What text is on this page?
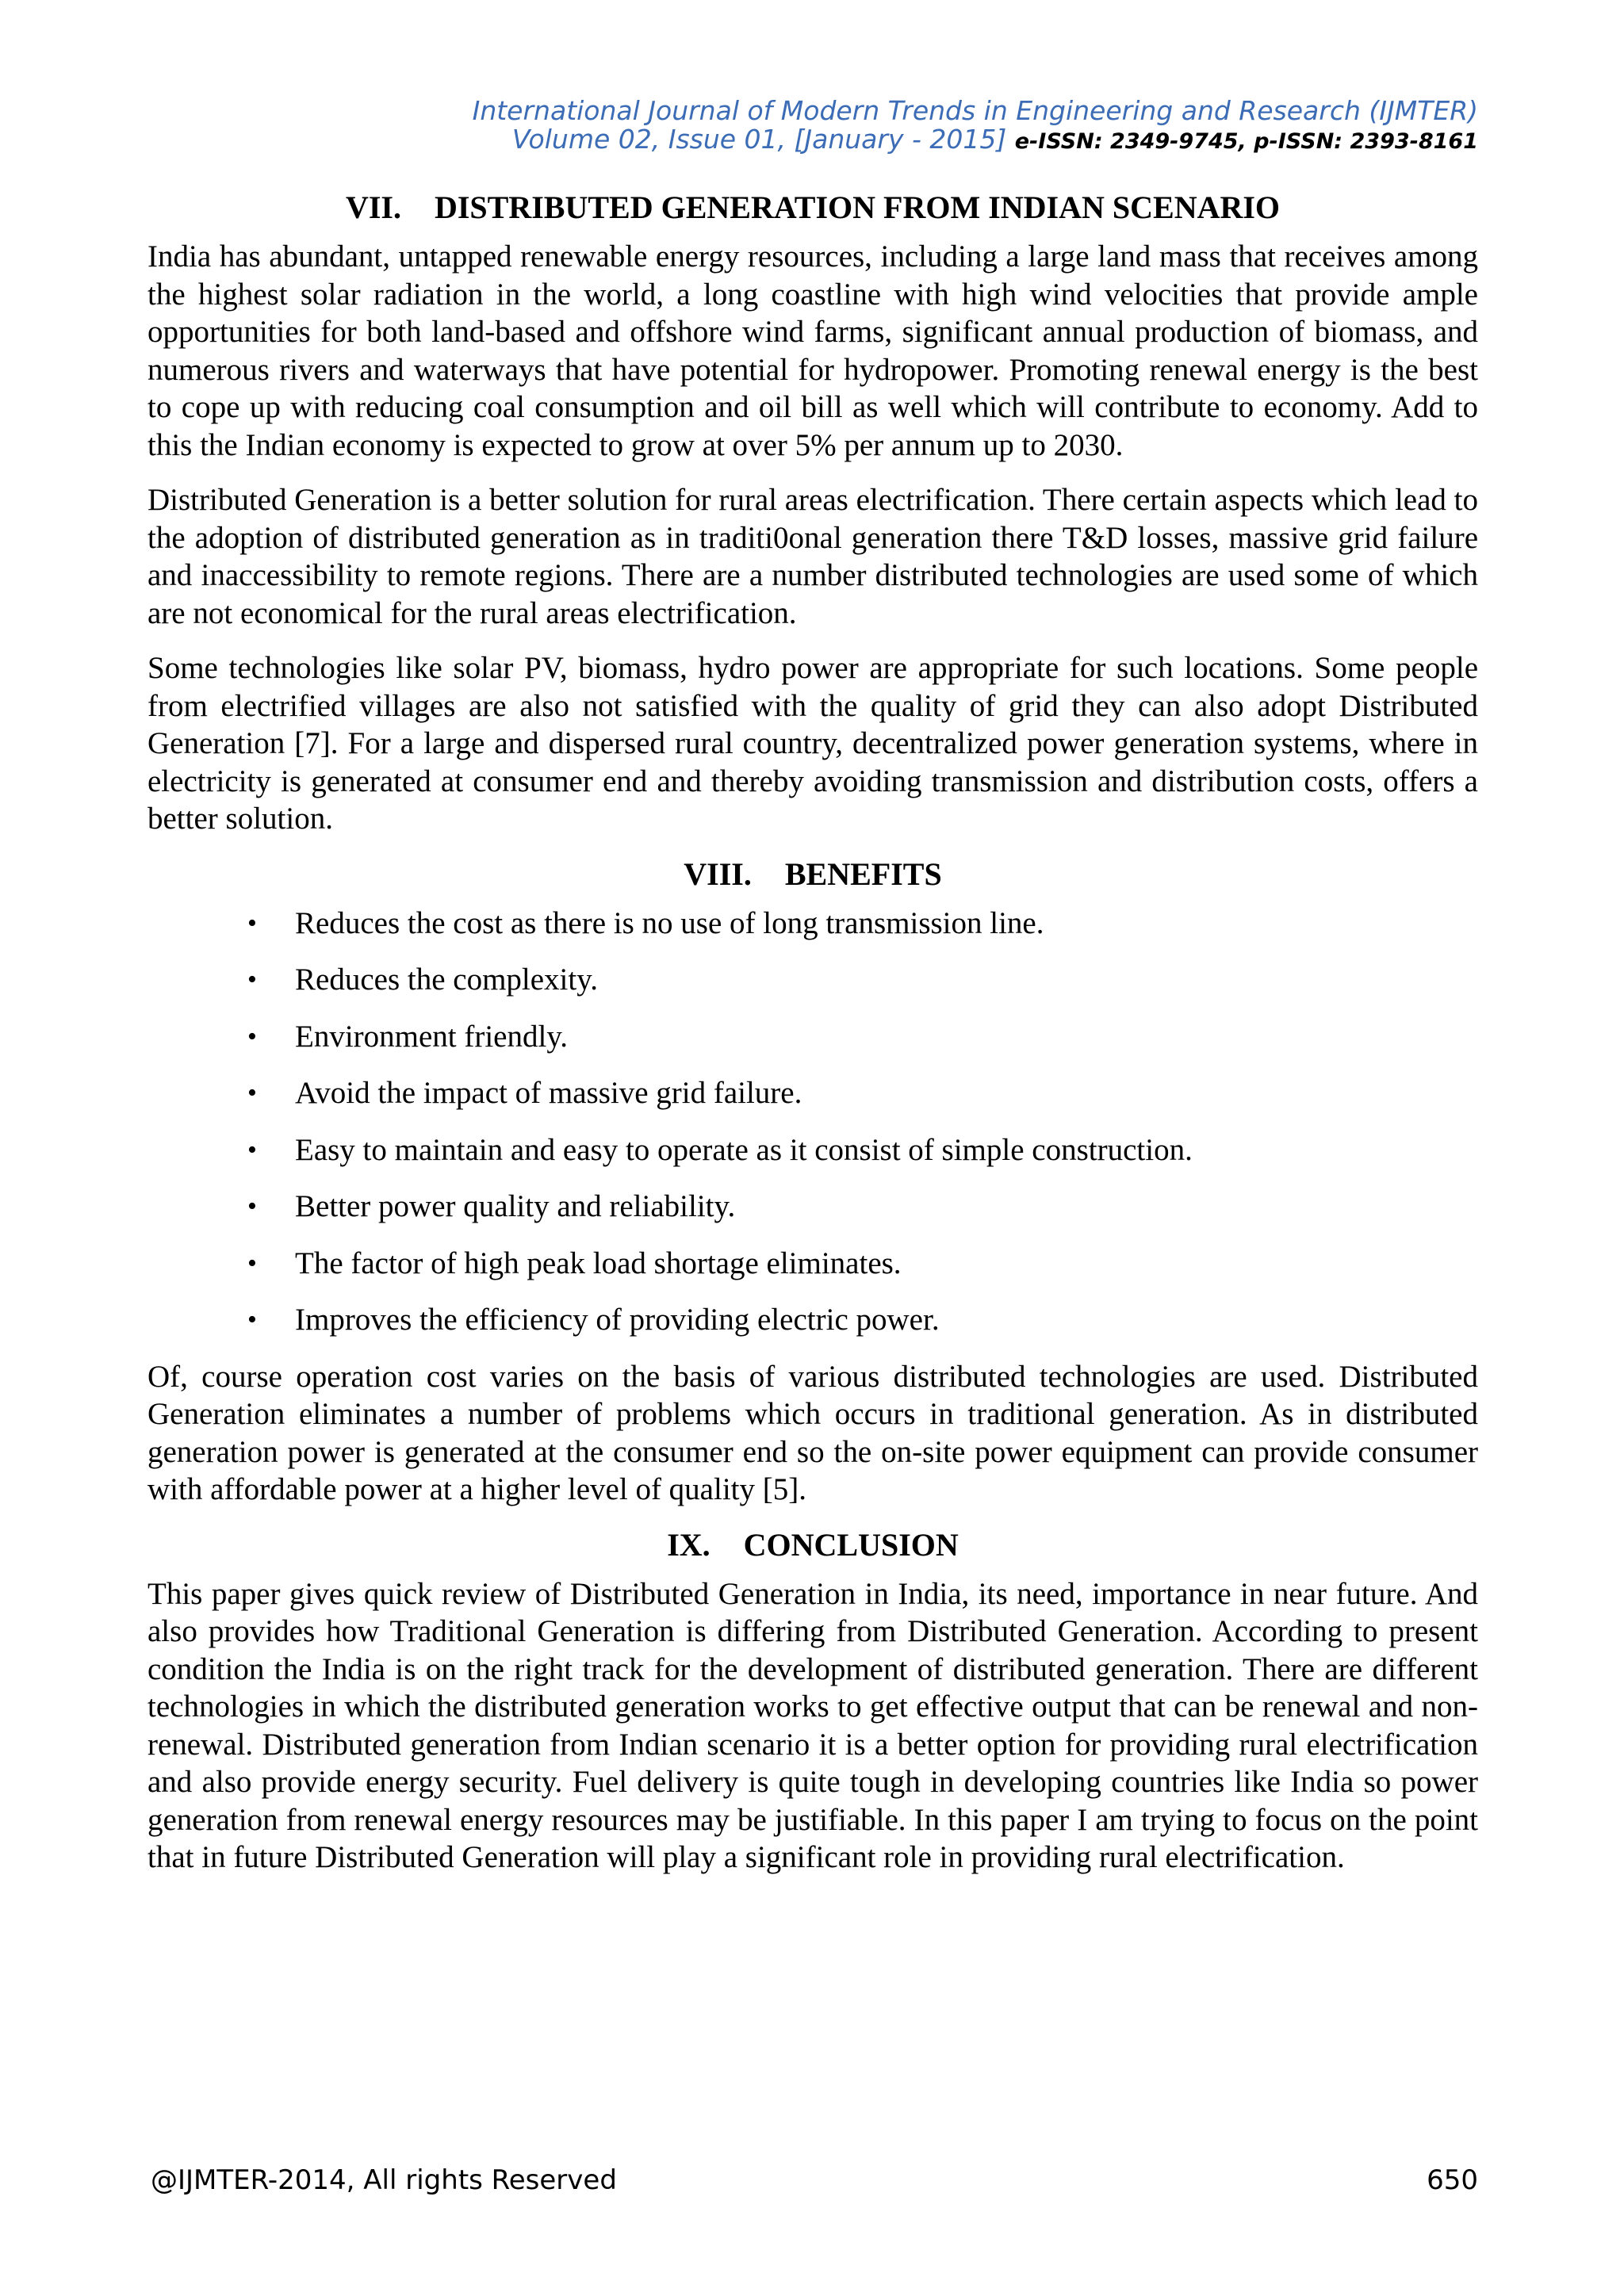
International Journal of Modern Trends in Engineering and Research (IJMTER)
Volume 02, Issue 01, [January - 2015] e-ISSN: 2349-9745, p-ISSN: 2393-8161
VII. DISTRIBUTED GENERATION FROM INDIAN SCENARIO

India has abundant, untapped renewable energy resources, including a large land mass that receives among the highest solar radiation in the world, a long coastline with high wind velocities that provide ample opportunities for both land-based and offshore wind farms, significant annual production of biomass, and numerous rivers and waterways that have potential for hydropower. Promoting renewal energy is the best to cope up with reducing coal consumption and oil bill as well which will contribute to economy. Add to this the Indian economy is expected to grow at over 5% per annum up to 2030.

Distributed Generation is a better solution for rural areas electrification. There certain aspects which lead to the adoption of distributed generation as in traditi0onal generation there T&D losses, massive grid failure and inaccessibility to remote regions. There are a number distributed technologies are used some of which are not economical for the rural areas electrification.

Some technologies like solar PV, biomass, hydro power are appropriate for such locations. Some people from electrified villages are also not satisfied with the quality of grid they can also adopt Distributed Generation [7]. For a large and dispersed rural country, decentralized power generation systems, where in electricity is generated at consumer end and thereby avoiding transmission and distribution costs, offers a better solution.

VIII. BENEFITS
• Reduces the cost as there is no use of long transmission line.
• Reduces the complexity.
• Environment friendly.
• Avoid the impact of massive grid failure.
• Easy to maintain and easy to operate as it consist of simple construction.
• Better power quality and reliability.
• The factor of high peak load shortage eliminates.
• Improves the efficiency of providing electric power.

Of, course operation cost varies on the basis of various distributed technologies are used. Distributed Generation eliminates a number of problems which occurs in traditional generation. As in distributed generation power is generated at the consumer end so the on-site power equipment can provide consumer with affordable power at a higher level of quality [5].

IX. CONCLUSION

This paper gives quick review of Distributed Generation in India, its need, importance in near future. And also provides how Traditional Generation is differing from Distributed Generation. According to present condition the India is on the right track for the development of distributed generation. There are different technologies in which the distributed generation works to get effective output that can be renewal and non-renewal. Distributed generation from Indian scenario it is a better option for providing rural electrification and also provide energy security. Fuel delivery is quite tough in developing countries like India so power generation from renewal energy resources may be justifiable. In this paper I am trying to focus on the point that in future Distributed Generation will play a significant role in providing rural electrification.

@IJMTER-2014, All rights Reserved	650
